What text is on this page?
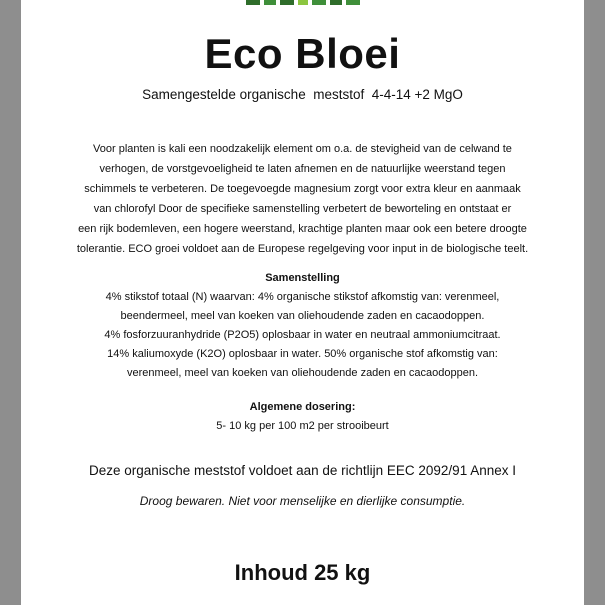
Eco Bloei
Samengestelde organische  meststof  4-4-14 +2 MgO
Voor planten is kali een noodzakelijk element om o.a. de stevigheid van de celwand te
verhogen, de vorstgevoeligheid te laten afnemen en de natuurlijke weerstand tegen
schimmels te verbeteren. De toegevoegde magnesium zorgt voor extra kleur en aanmaak
van chlorofyl Door de specifieke samenstelling verbetert de beworteling en ontstaat er
een rijk bodemleven, een hogere weerstand, krachtige planten maar ook een betere droogte
tolerantie. ECO groei voldoet aan de Europese regelgeving voor input in de biologische teelt.
Samenstelling
4% stikstof totaal (N) waarvan: 4% organische stikstof afkomstig van: verenmeel,
beendermeel, meel van koeken van oliehoudende zaden en cacaodoppen.
4% fosforzuuranhydride (P2O5) oplosbaar in water en neutraal ammoniumcitraat.
14% kaliumoxyde (K2O) oplosbaar in water. 50% organische stof afkomstig van:
verenmeel, meel van koeken van oliehoudende zaden en cacaodoppen.
Algemene dosering:
5- 10 kg per 100 m2 per strooibeurt
Deze organische meststof voldoet aan de richtlijn EEC 2092/91 Annex I
Droog bewaren. Niet voor menselijke en dierlijke consumptie.
Inhoud 25 kg
